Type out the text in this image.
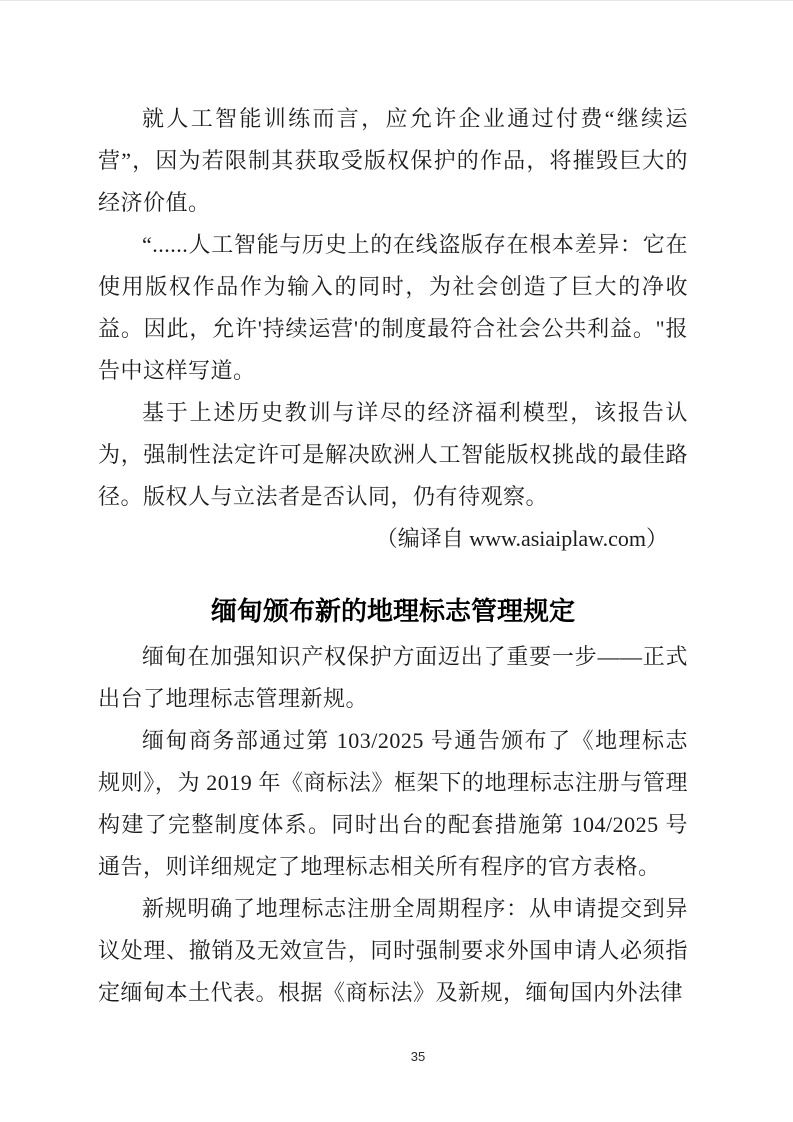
就人工智能训练而言，应允许企业通过付费“继续运营”，因为若限制其获取受版权保护的作品，将摧毁巨大的经济价值。

“......人工智能与历史上的在线盗版存在根本差异：它在使用版权作品作为输入的同时，为社会创造了巨大的净收益。因此，允许'持续运营'的制度最符合社会公共利益。"报告中这样写道。

基于上述历史教训与详尽的经济福利模型，该报告认为，强制性法定许可是解决欧洲人工智能版权挑战的最佳路径。版权人与立法者是否认同，仍有待观察。

（编译自 www.asiaiplaw.com）

缅甸颁布新的地理标志管理规定

缅甸在加强知识产权保护方面迈出了重要一步——正式出台了地理标志管理新规。

缅甸商务部通过第 103/2025 号通告颁布了《地理标志规则》，为 2019 年《商标法》框架下的地理标志注册与管理构建了完整制度体系。同时出台的配套措施第 104/2025 号通告，则详细规定了地理标志相关所有程序的官方表格。

新规明确了地理标志注册全周期程序：从申请提交到异议处理、撤销及无效宣告，同时强制要求外国申请人必须指定缅甸本土代表。根据《商标法》及新规，缅甸国内外法律

35
